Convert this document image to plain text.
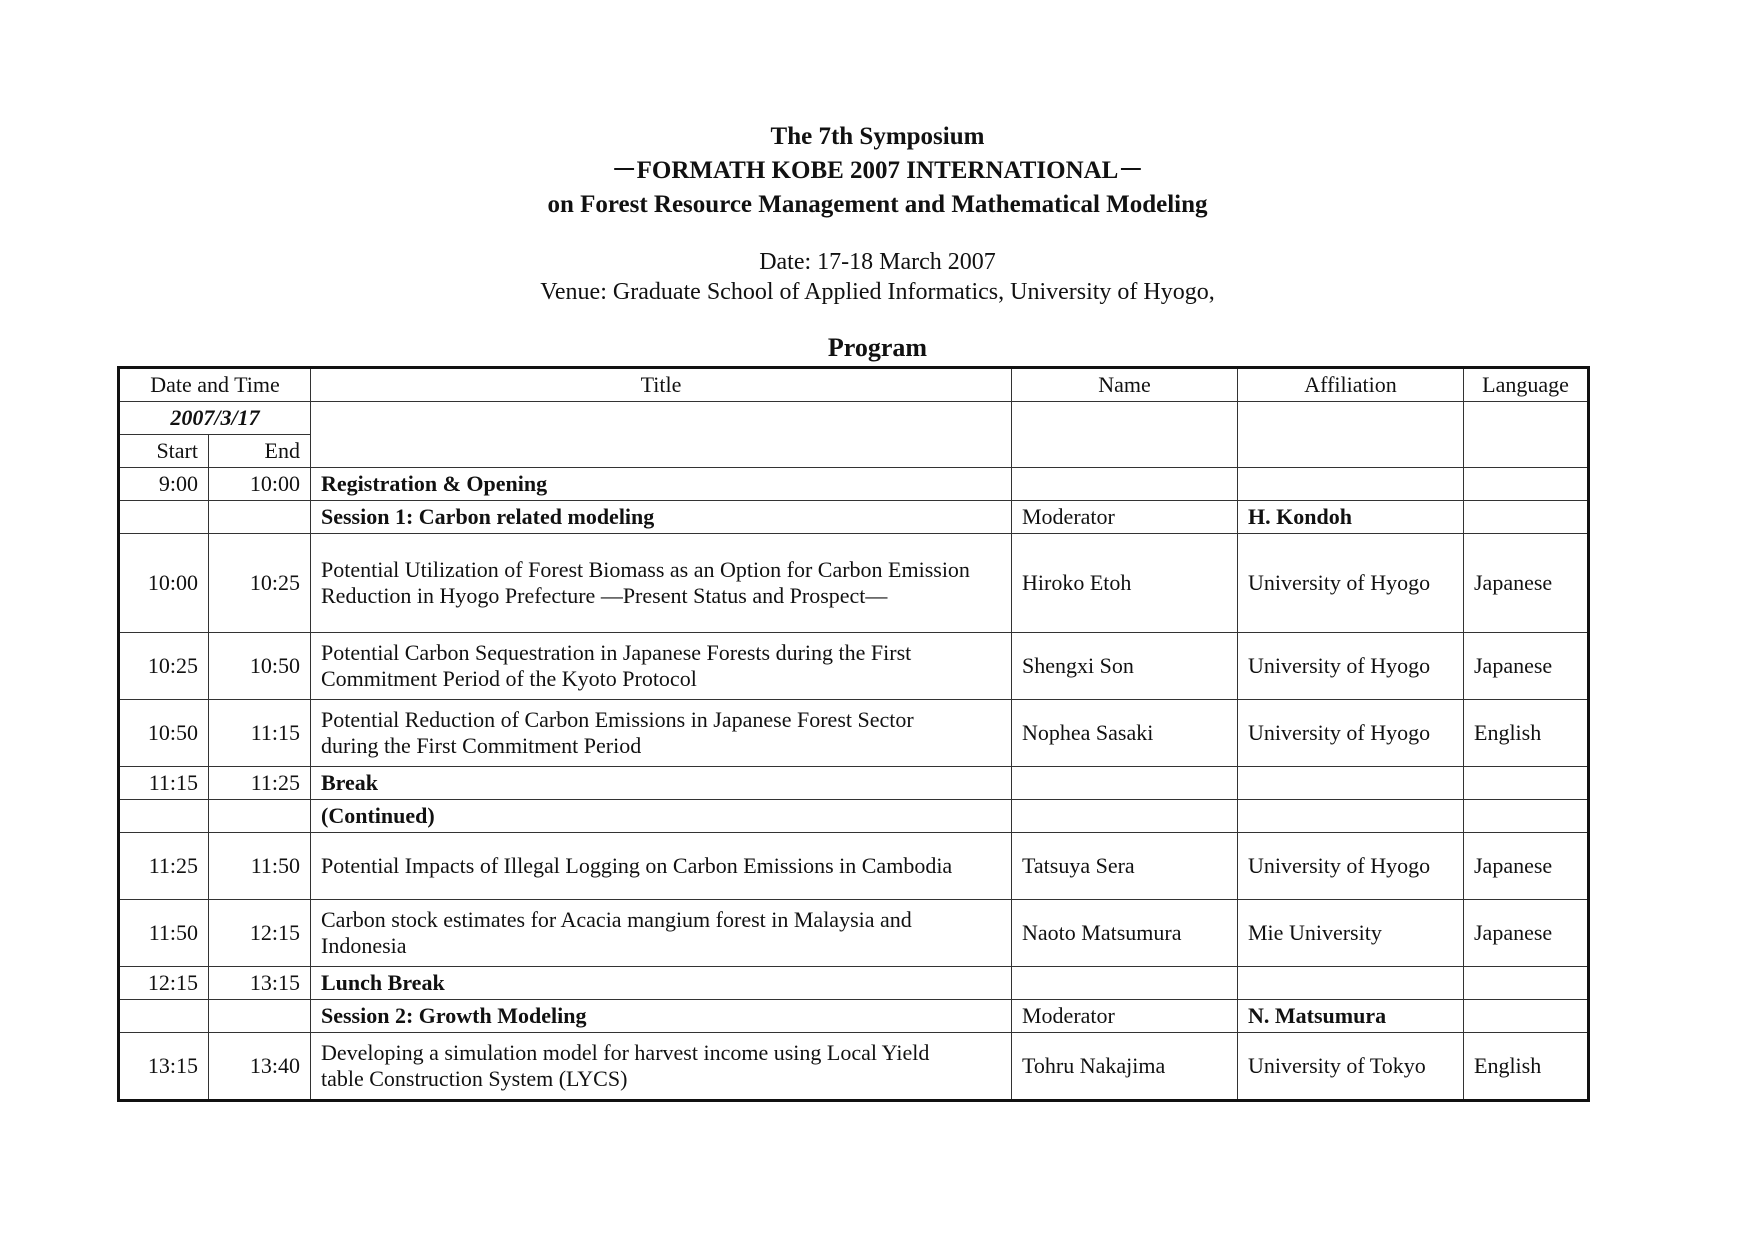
The 7th Symposium
－FORMATH KOBE 2007 INTERNATIONAL－
on Forest Resource Management and Mathematical Modeling
Date: 17-18 March 2007
Venue: Graduate School of Applied Informatics, University of Hyogo,
Program
Date and Time		Title	Name	Affiliation	Language
2007/3/17					
Start	End				
9:00	10:00	Registration & Opening			
		Session 1: Carbon related modeling	Moderator	H. Kondoh	
10:00	10:25	Potential Utilization of Forest Biomass as an Option for Carbon Emission
Reduction in Hyogo Prefecture ―Present Status and Prospect―	Hiroko Etoh	University of Hyogo	Japanese
10:25	10:50	Potential Carbon Sequestration in Japanese Forests during the First
Commitment Period of the Kyoto Protocol	Shengxi Son	University of Hyogo	Japanese
10:50	11:15	Potential Reduction of Carbon Emissions in Japanese Forest Sector
during the First Commitment Period	Nophea Sasaki	University of Hyogo	English
11:15	11:25	Break			
		(Continued)			
11:25	11:50	Potential Impacts of Illegal Logging on Carbon Emissions in Cambodia	Tatsuya Sera	University of Hyogo	Japanese
11:50	12:15	Carbon stock estimates for Acacia mangium forest in Malaysia and
Indonesia	Naoto Matsumura	Mie University	Japanese
12:15	13:15	Lunch Break			
		Session 2: Growth Modeling	Moderator	N. Matsumura	
13:15	13:40	Developing a simulation model for harvest income using Local Yield
table Construction System (LYCS)	Tohru Nakajima	University of Tokyo	English
